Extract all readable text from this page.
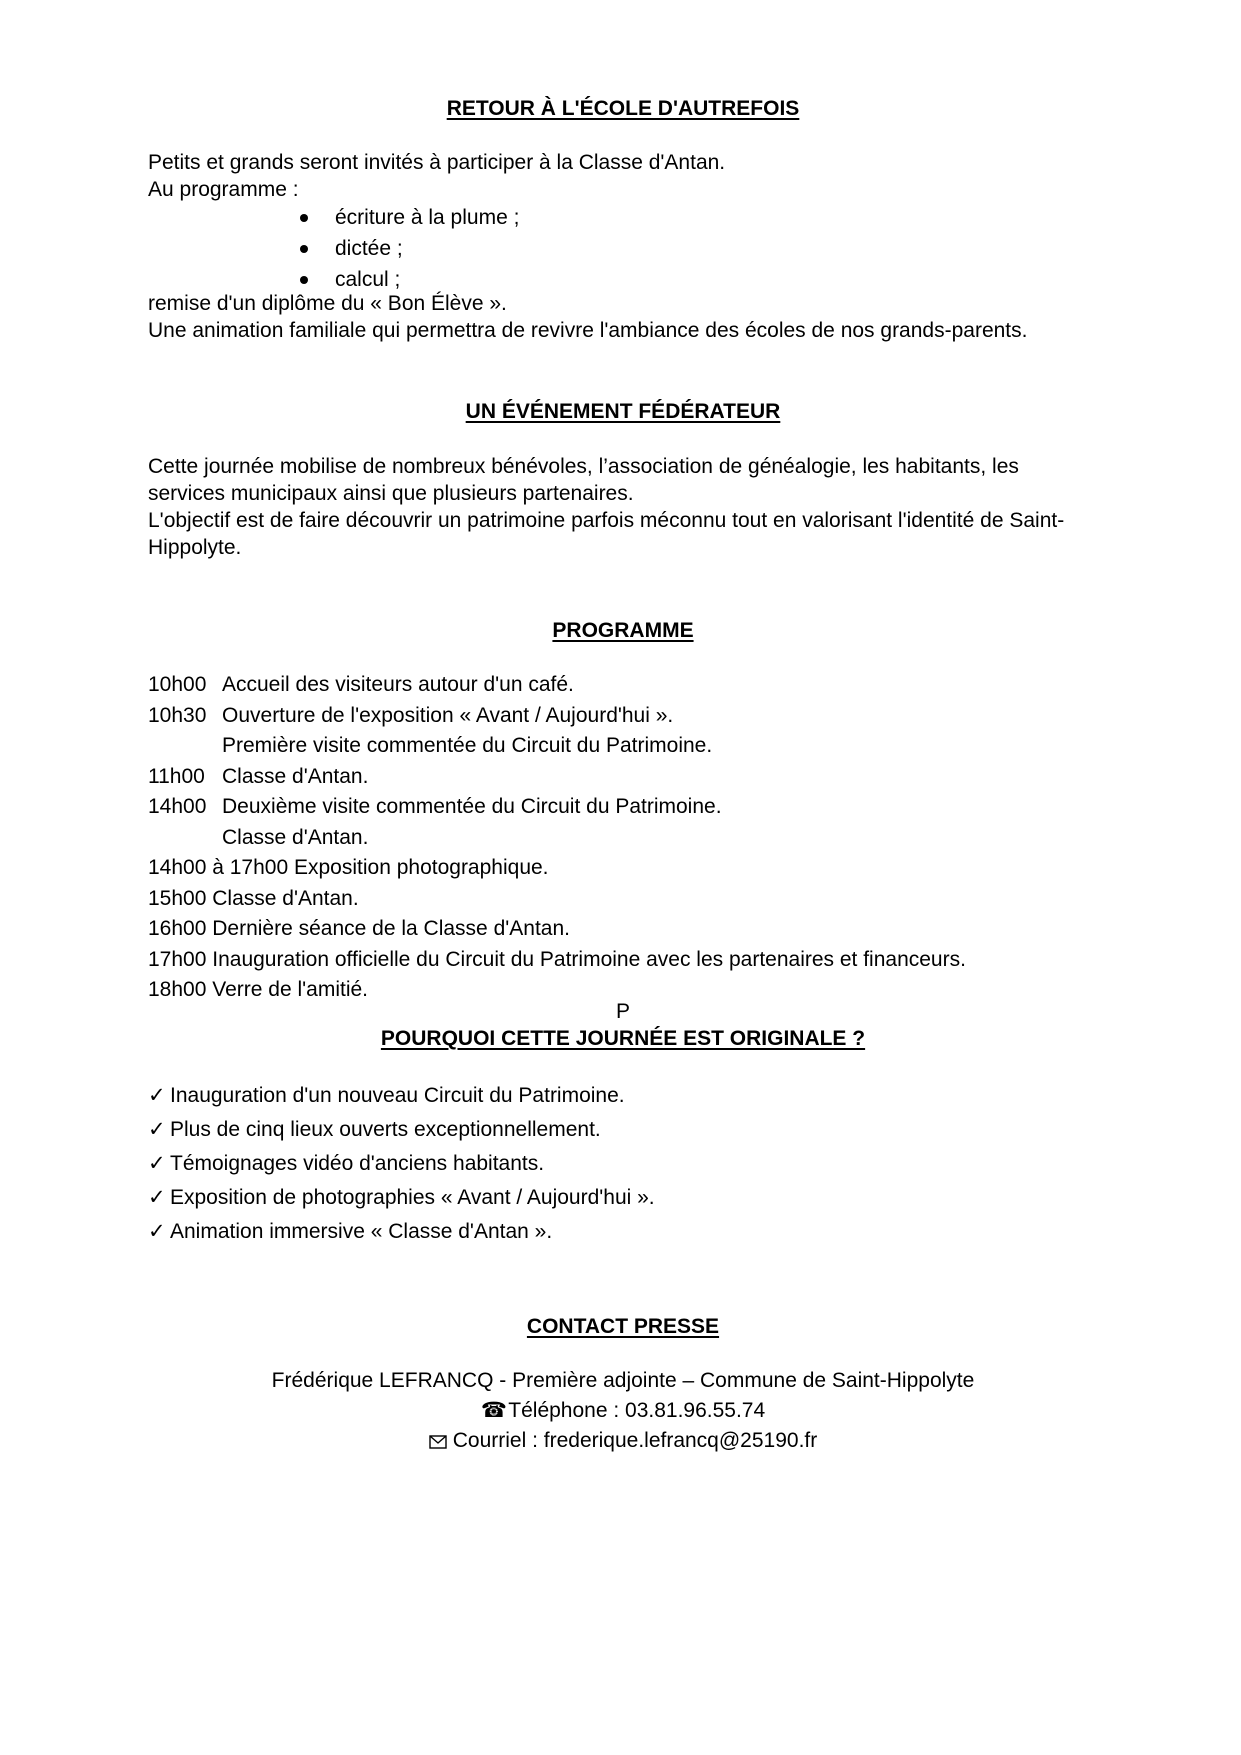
RETOUR À L'ÉCOLE D'AUTREFOIS
Petits et grands seront invités à participer à la Classe d'Antan.
Au programme :
écriture à la plume ;
dictée ;
calcul ;
remise d'un diplôme du « Bon Élève ».
Une animation familiale qui permettra de revivre l'ambiance des écoles de nos grands-parents.
UN ÉVÉNEMENT FÉDÉRATEUR

Cette journée mobilise de nombreux bénévoles, l’association de généalogie, les habitants, les services municipaux ainsi que plusieurs partenaires.

L'objectif est de faire découvrir un patrimoine parfois méconnu tout en valorisant l'identité de Saint-Hippolyte.

PROGRAMME
10h00 Accueil des visiteurs autour d'un café.
10h30 Ouverture de l'exposition « Avant / Aujourd'hui ».
Première visite commentée du Circuit du Patrimoine.
11h00 Classe d'Antan.
14h00 Deuxième visite commentée du Circuit du Patrimoine.
Classe d'Antan.
14h00 à 17h00 Exposition photographique.
15h00 Classe d'Antan.
16h00 Dernière séance de la Classe d'Antan.
17h00 Inauguration officielle du Circuit du Patrimoine avec les partenaires et financeurs.
18h00 Verre de l'amitié.
P
POURQUOI CETTE JOURNÉE EST ORIGINALE ?
✓ Inauguration d'un nouveau Circuit du Patrimoine.
✓ Plus de cinq lieux ouverts exceptionnellement.
✓ Témoignages vidéo d'anciens habitants.
✓ Exposition de photographies « Avant / Aujourd'hui ».
✓ Animation immersive « Classe d'Antan ».
CONTACT PRESSE
Frédérique LEFRANCQ - Première adjointe – Commune de Saint-Hippolyte
☎ Téléphone : 03.81.96.55.74
Courriel : frederique.lefrancq@25190.fr
